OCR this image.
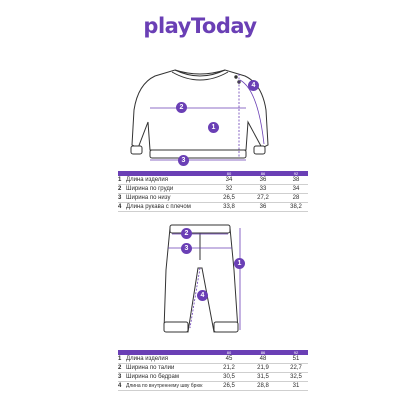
playToday
1
2
3
4
1
2
3
4
80	86	92
1 Длина изделия	34	36	38
2 Ширина по груди	32	33	34
3 Ширина по низу	26,5	27,2	28
4 Длина рукава с плечом	33,8	36	38,2
80	86	92
1 Длина изделия	45	48	51
2 Ширина по талии	21,2	21,9	22,7
3 Ширина по бедрам	30,5	31,5	32,5
4 Длина по внутреннему шву брюк	26,5	28,8	31
